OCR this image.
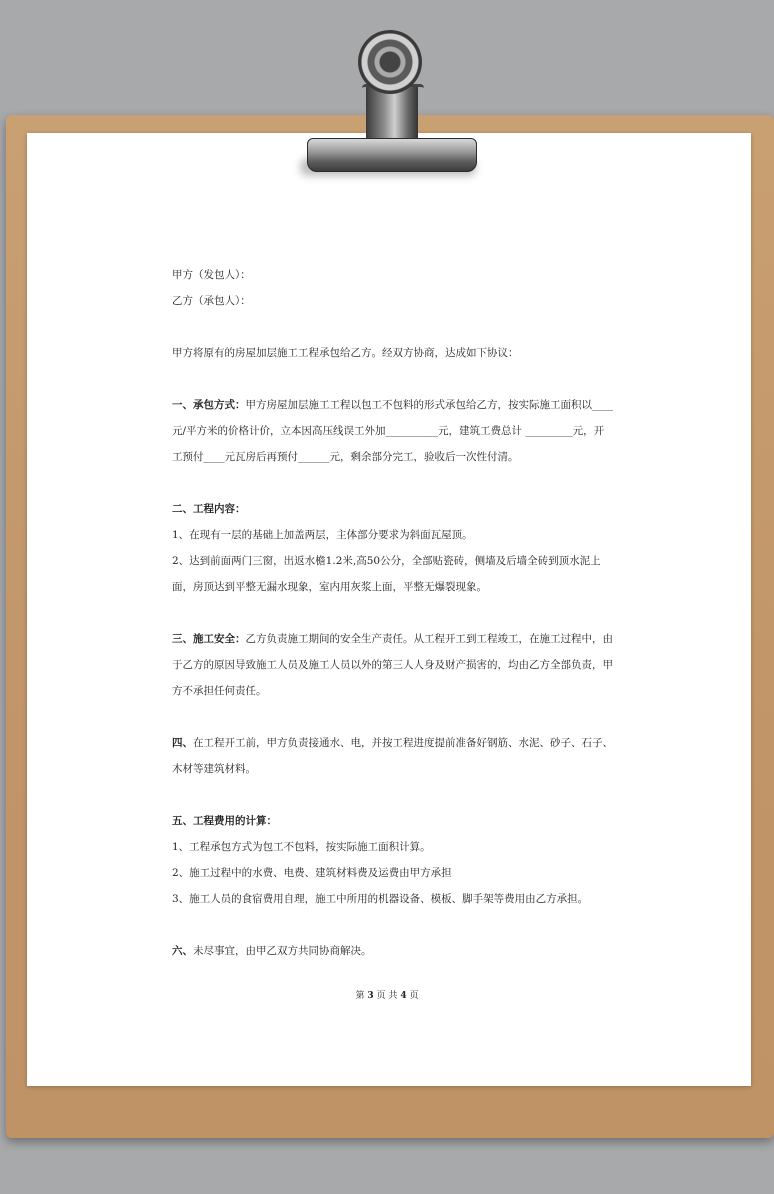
甲方（发包人）：

乙方（承包人）：

甲方将原有的房屋加层施工工程承包给乙方。经双方协商，达成如下协议：

一、承包方式：甲方房屋加层施工工程以包工不包料的形式承包给乙方，按实际施工面积以____

元/平方米的价格计价，立本因高压线误工外加__________元，建筑工费总计 _________元，开

工预付____元瓦房后再预付______元，剩余部分完工，验收后一次性付清。

二、工程内容：

1、在现有一层的基础上加盖两层，主体部分要求为斜面瓦屋顶。

2、达到前面两门三窗，出返水檐1.2米,高50公分，全部贴瓷砖，侧墙及后墙全砖到顶水泥上

面，房顶达到平整无漏水现象，室内用灰浆上面，平整无爆裂现象。

三、施工安全：乙方负责施工期间的安全生产责任。从工程开工到工程竣工，在施工过程中，由

于乙方的原因导致施工人员及施工人员以外的第三人人身及财产损害的，均由乙方全部负责，甲

方不承担任何责任。

四、在工程开工前，甲方负责接通水、电，并按工程进度提前准备好钢筋、水泥、砂子、石子、

木材等建筑材料。

五、工程费用的计算：

1、工程承包方式为包工不包料，按实际施工面积计算。

2、施工过程中的水费、电费、建筑材料费及运费由甲方承担

3、施工人员的食宿费用自理，施工中所用的机器设备、模板、脚手架等费用由乙方承担。

六、未尽事宜，由甲乙双方共同协商解决。

第 3 页 共 4 页
